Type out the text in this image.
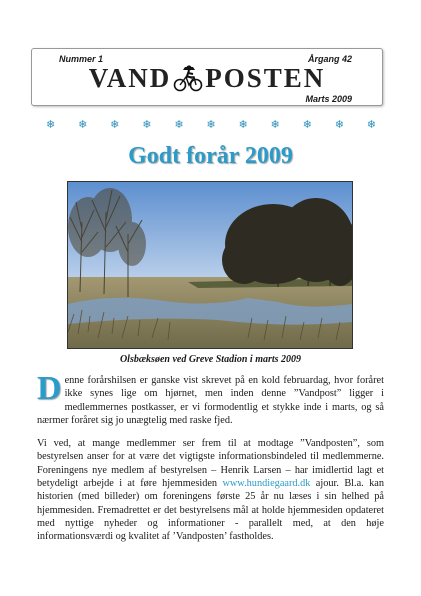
Nummer 1	Årgang 42
VAND POSTEN
Marts 2009
❄ ❄ ❄ ❄ ❄ ❄ ❄ ❄ ❄ ❄ ❄
Godt forår 2009
Olsbæksøen ved Greve Stadion i marts 2009

D enne forårshilsen er ganske vist skrevet på en kold februardag, hvor foråret ikke synes lige om hjørnet, men inden denne ”Vandpost” ligger i medlemmernes postkasser, er vi formodentlig et stykke inde i marts, og så nærmer foråret sig jo unægtelig med raske fjed.

Vi ved, at mange medlemmer ser frem til at modtage ”Vandposten”, som bestyrelsen anser for at være det vigtigste informationsbindeled til medlemmerne. Foreningens nye medlem af bestyrelsen – Henrik Larsen – har imidlertid lagt et betydeligt arbejde i at føre hjemmesiden www.hundiegaard.dk ajour. Bl.a. kan historien (med billeder) om foreningens første 25 år nu læses i sin helhed på hjemmesiden. Fremadrettet er det bestyrelsens mål at holde hjemmesiden opdateret med nyttige nyheder og informationer - parallelt med, at den høje informationsværdi og kvalitet af ’Vandposten’ fastholdes.
